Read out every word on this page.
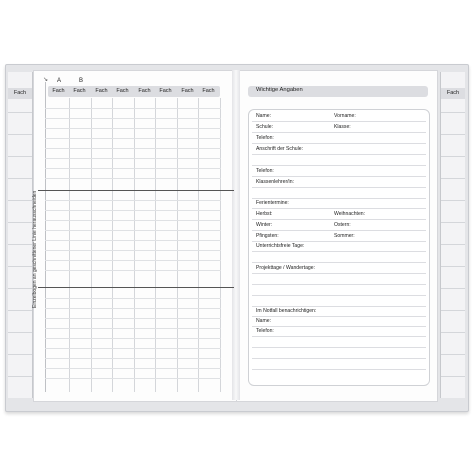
Fach	Fach
Einzelbogen an geschnittener Linie herausschneiden
↘ A	B
Fach	Fach	Fach	Fach	Fach	Fach	Fach	Fach	Wichtige Angaben
Name:	Vorname:
Schule:	Klasse:
Telefon:
Anschrift der Schule:
Telefon:
Klassenlehrer/in:
Ferientermine:
Herbst:	Weihnachten:
Winter:	Ostern:
Pfingsten:	Sommer:
Unterrichtsfreie Tage:
Projekttage / Wandertage:
Im Notfall benachrichtigen:
Name:
Telefon:
